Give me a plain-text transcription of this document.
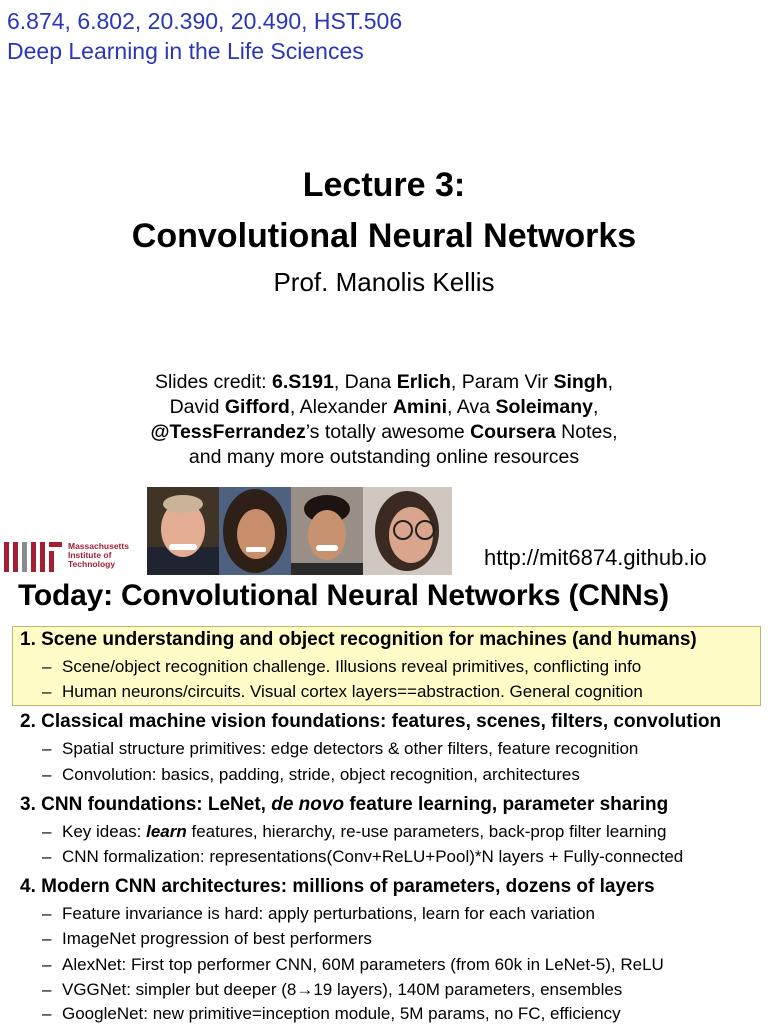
6.874, 6.802, 20.390, 20.490, HST.506
Deep Learning in the Life Sciences
Lecture 3:
Convolutional Neural Networks
Prof. Manolis Kellis
Slides credit: 6.S191, Dana Erlich, Param Vir Singh,
David Gifford, Alexander Amini, Ava Soleimany,
@TessFerrandez’s totally awesome Coursera Notes,
and many more outstanding online resources
Massachusetts
Institute of
Technology	http://mit6874.github.io
Today: Convolutional Neural Networks (CNNs)
1. Scene understanding and object recognition for machines (and humans)
– Scene/object recognition challenge. Illusions reveal primitives, conflicting info
– Human neurons/circuits. Visual cortex layers==abstraction. General cognition
2. Classical machine vision foundations: features, scenes, filters, convolution
– Spatial structure primitives: edge detectors & other filters, feature recognition
– Convolution: basics, padding, stride, object recognition, architectures
3. CNN foundations: LeNet, de novo feature learning, parameter sharing
– Key ideas: learn features, hierarchy, re-use parameters, back-prop filter learning
– CNN formalization: representations(Conv+ReLU+Pool)*N layers + Fully-connected
4. Modern CNN architectures: millions of parameters, dozens of layers
– Feature invariance is hard: apply perturbations, learn for each variation
– ImageNet progression of best performers
– AlexNet: First top performer CNN, 60M parameters (from 60k in LeNet-5), ReLU
– VGGNet: simpler but deeper (8→19 layers), 140M parameters, ensembles
– GoogleNet: new primitive=inception module, 5M params, no FC, efficiency
